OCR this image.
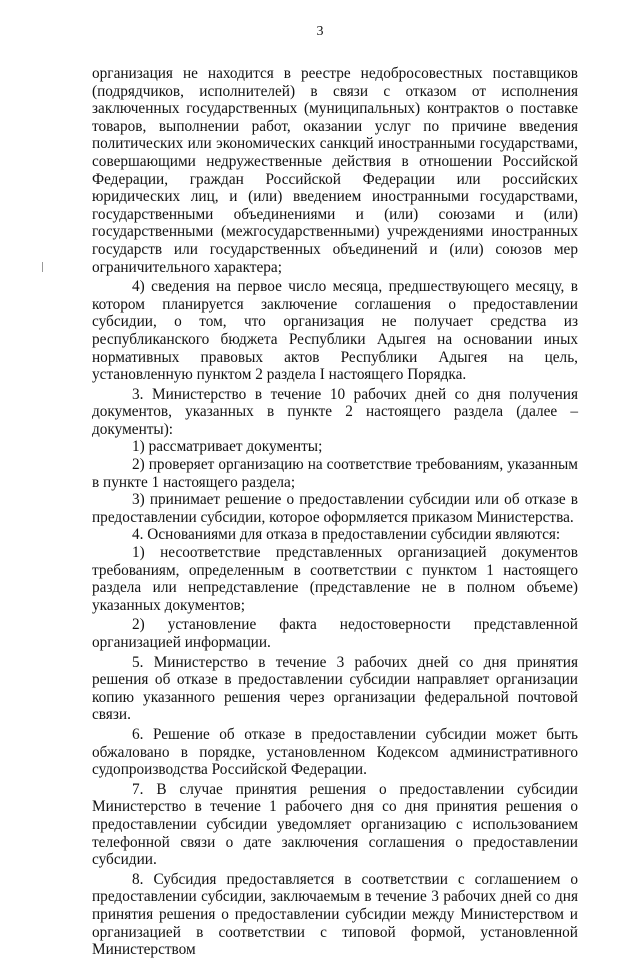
3

организация не находится в реестре недобросовестных поставщиков (подрядчиков, исполнителей) в связи с отказом от исполнения заключенных государственных (муниципальных) контрактов о поставке товаров, выполнении работ, оказании услуг по причине введения политических или экономических санкций иностранными государствами, совершающими недружественные действия в отношении Российской Федерации, граждан Российской Федерации или российских юридических лиц, и (или) введением иностранными государствами, государственными объединениями и (или) союзами и (или) государственными (межгосударственными) учреждениями иностранных государств или государственных объединений и (или) союзов мер ограничительного характера;

4) сведения на первое число месяца, предшествующего месяцу, в котором планируется заключение соглашения о предоставлении субсидии, о том, что организация не получает средства из республиканского бюджета Республики Адыгея на основании иных нормативных правовых актов Республики Адыгея на цель, установленную пунктом 2 раздела I настоящего Порядка.

3. Министерство в течение 10 рабочих дней со дня получения документов, указанных в пункте 2 настоящего раздела (далее – документы):

1) рассматривает документы;

2) проверяет организацию на соответствие требованиям, указанным в пункте 1 настоящего раздела;

3) принимает решение о предоставлении субсидии или об отказе в предоставлении субсидии, которое оформляется приказом Министерства.

4. Основаниями для отказа в предоставлении субсидии являются:

1) несоответствие представленных организацией документов требованиям, определенным в соответствии с пунктом 1 настоящего раздела или непредставление (представление не в полном объеме) указанных документов;

2) установление факта недостоверности представленной организацией информации.

5. Министерство в течение 3 рабочих дней со дня принятия решения об отказе в предоставлении субсидии направляет организации копию указанного решения через организации федеральной почтовой связи.

6. Решение об отказе в предоставлении субсидии может быть обжаловано в порядке, установленном Кодексом административного судопроизводства Российской Федерации.

7. В случае принятия решения о предоставлении субсидии Министерство в течение 1 рабочего дня со дня принятия решения о предоставлении субсидии уведомляет организацию с использованием телефонной связи о дате заключения соглашения о предоставлении субсидии.

8. Субсидия предоставляется в соответствии с соглашением о предоставлении субсидии, заключаемым в течение 3 рабочих дней со дня принятия решения о предоставлении субсидии между Министерством и организацией в соответствии с типовой формой, установленной Министерством
